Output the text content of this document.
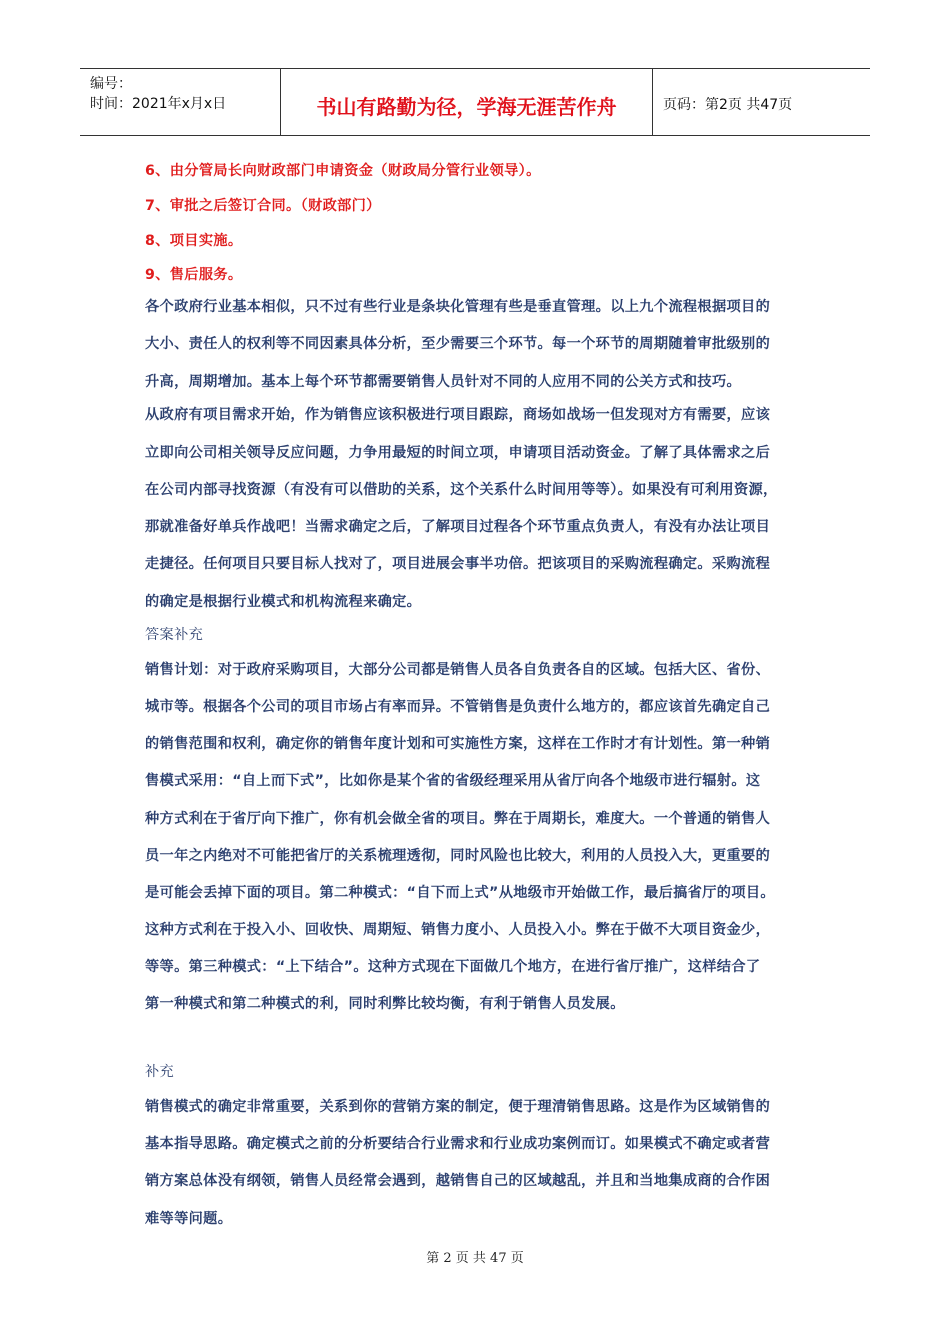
编号：
时间：2021年x月x日	书山有路勤为径，学海无涯苦作舟	页码：第2页 共47页
6、由分管局长向财政部门申请资金（财政局分管行业领导）。
7、审批之后签订合同。（财政部门）
8、项目实施。
9、售后服务。
各个政府行业基本相似，只不过有些行业是条块化管理有些是垂直管理。以上九个流程根据项目的
大小、责任人的权利等不同因素具体分析，至少需要三个环节。每一个环节的周期随着审批级别的
升高，周期增加。基本上每个环节都需要销售人员针对不同的人应用不同的公关方式和技巧。
从政府有项目需求开始，作为销售应该积极进行项目跟踪，商场如战场一但发现对方有需要，应该
立即向公司相关领导反应问题，力争用最短的时间立项，申请项目活动资金。了解了具体需求之后
在公司内部寻找资源（有没有可以借助的关系，这个关系什么时间用等等）。如果没有可利用资源，
那就准备好单兵作战吧！当需求确定之后，了解项目过程各个环节重点负责人，有没有办法让项目
走捷径。任何项目只要目标人找对了，项目进展会事半功倍。把该项目的采购流程确定。采购流程
的确定是根据行业模式和机构流程来确定。
答案补充
销售计划：对于政府采购项目，大部分公司都是销售人员各自负责各自的区域。包括大区、省份、
城市等。根据各个公司的项目市场占有率而异。不管销售是负责什么地方的，都应该首先确定自己
的销售范围和权利，确定你的销售年度计划和可实施性方案，这样在工作时才有计划性。第一种销
售模式采用：“自上而下式”，比如你是某个省的省级经理采用从省厅向各个地级市进行辐射。这
种方式利在于省厅向下推广，你有机会做全省的项目。弊在于周期长，难度大。一个普通的销售人
员一年之内绝对不可能把省厅的关系梳理透彻，同时风险也比较大，利用的人员投入大，更重要的
是可能会丢掉下面的项目。第二种模式：“自下而上式”从地级市开始做工作，最后搞省厅的项目。
这种方式利在于投入小、回收快、周期短、销售力度小、人员投入小。弊在于做不大项目资金少，
等等。第三种模式：“上下结合”。这种方式现在下面做几个地方，在进行省厅推广，这样结合了
第一种模式和第二种模式的利，同时利弊比较均衡，有利于销售人员发展。
补充
销售模式的确定非常重要，关系到你的营销方案的制定，便于理清销售思路。这是作为区域销售的
基本指导思路。确定模式之前的分析要结合行业需求和行业成功案例而订。如果模式不确定或者营
销方案总体没有纲领，销售人员经常会遇到，越销售自己的区域越乱，并且和当地集成商的合作困
难等等问题。
第 2 页 共 47 页
